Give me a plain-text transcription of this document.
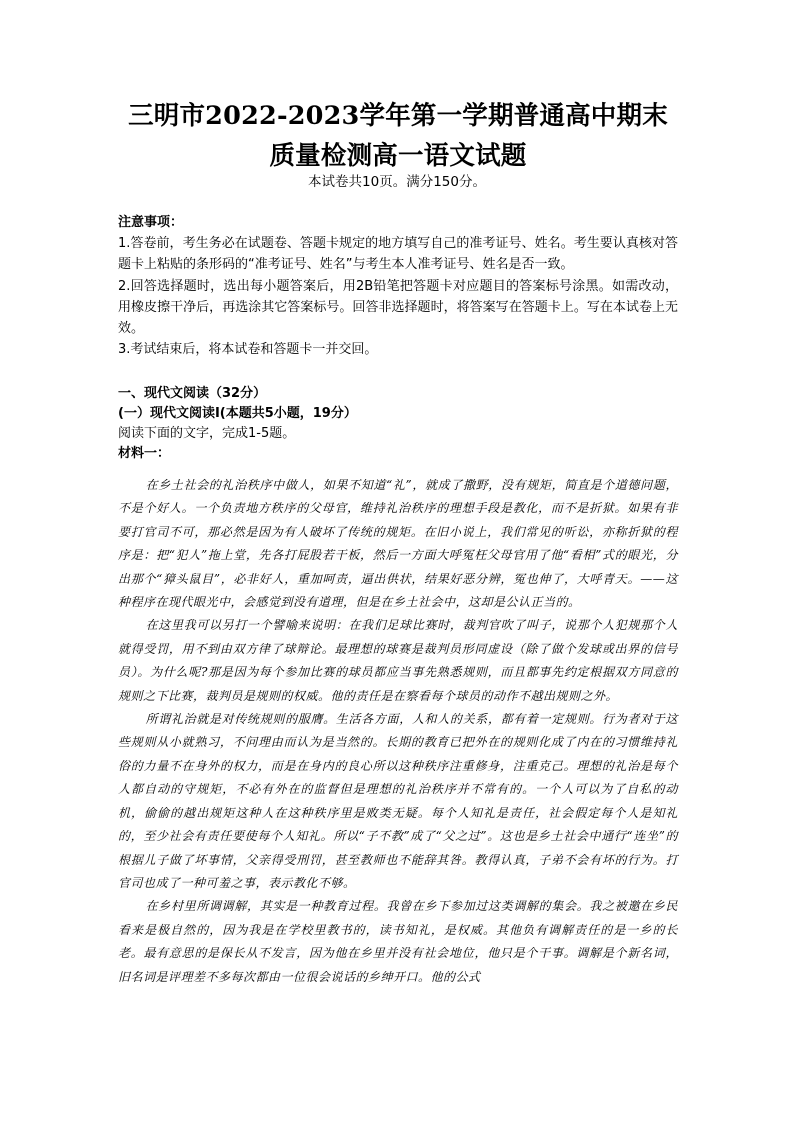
三明市2022-2023学年第一学期普通高中期末质量检测高一语文试题
本试卷共10页。满分150分。

注意事项：

1.答卷前，考生务必在试题卷、答题卡规定的地方填写自己的准考证号、姓名。考生要认真核对答题卡上粘贴的条形码的“准考证号、姓名”与考生本人准考证号、姓名是否一致。

2.回答选择题时，选出每小题答案后，用2B铅笔把答题卡对应题目的答案标号涂黑。如需改动，用橡皮擦干净后，再选涂其它答案标号。回答非选择题时，将答案写在答题卡上。写在本试卷上无效。

3.考试结束后，将本试卷和答题卡一并交回。

一、现代文阅读（32分）

(一）现代文阅读I(本题共5小题，19分）

阅读下面的文字，完成1-5题。

材料一：

在乡土社会的礼治秩序中做人，如果不知道“礼”，就成了撒野，没有规矩，简直是个道德问题，不是个好人。一个负责地方秩序的父母官，维持礼治秩序的理想手段是教化，而不是折狱。如果有非要打官司不可，那必然是因为有人破坏了传统的规矩。在旧小说上，我们常见的听讼，亦称折狱的程序是：把“犯人”拖上堂，先各打屁股若干板，然后一方面大呼冤枉父母官用了他“看相”式的眼光，分出那个“獐头鼠目”，必非好人，重加呵责，逼出供状，结果好恶分辨，冤也伸了，大呼青天。——这种程序在现代眼光中，会感觉到没有道理，但是在乡土社会中，这却是公认正当的。

在这里我可以另打一个譬喻来说明：在我们足球比赛时，裁判官吹了叫子，说那个人犯规那个人就得受罚，用不到由双方律了球辩论。最理想的球赛是裁判员形同虚设（除了做个发球或出界的信号员）。为什么呢?那是因为每个参加比赛的球员都应当事先熟悉规则，而且都事先约定根据双方同意的规则之下比赛，裁判员是规则的权威。他的责任是在察看每个球员的动作不越出规则之外。

所谓礼治就是对传统规则的服膺。生活各方面，人和人的关系，都有着一定规则。行为者对于这些规则从小就熟习，不问理由而认为是当然的。长期的教育已把外在的规则化成了内在的习惯维持礼俗的力量不在身外的权力，而是在身内的良心所以这种秩序注重修身，注重克己。理想的礼治是每个人都自动的守规矩，不必有外在的监督但是理想的礼治秩序并不常有的。一个人可以为了自私的动机，偷偷的越出规矩这种人在这种秩序里是败类无疑。每个人知礼是责任，社会假定每个人是知礼的，至少社会有责任要使每个人知礼。所以“子不教”成了“父之过”。这也是乡土社会中通行“连坐”的根据儿子做了坏事情，父亲得受刑罚，甚至教师也不能辞其咎。教得认真，子弟不会有坏的行为。打官司也成了一种可羞之事，表示教化不够。

在乡村里所调调解，其实是一种教育过程。我曾在乡下参加过这类调解的集会。我之被邀在乡民看来是极自然的，因为我是在学校里教书的，读书知礼，是权威。其他负有调解责任的是一乡的长老。最有意思的是保长从不发言，因为他在乡里并没有社会地位，他只是个干事。调解是个新名词，旧名词是评理差不多每次都由一位很会说话的乡绅开口。他的公式
